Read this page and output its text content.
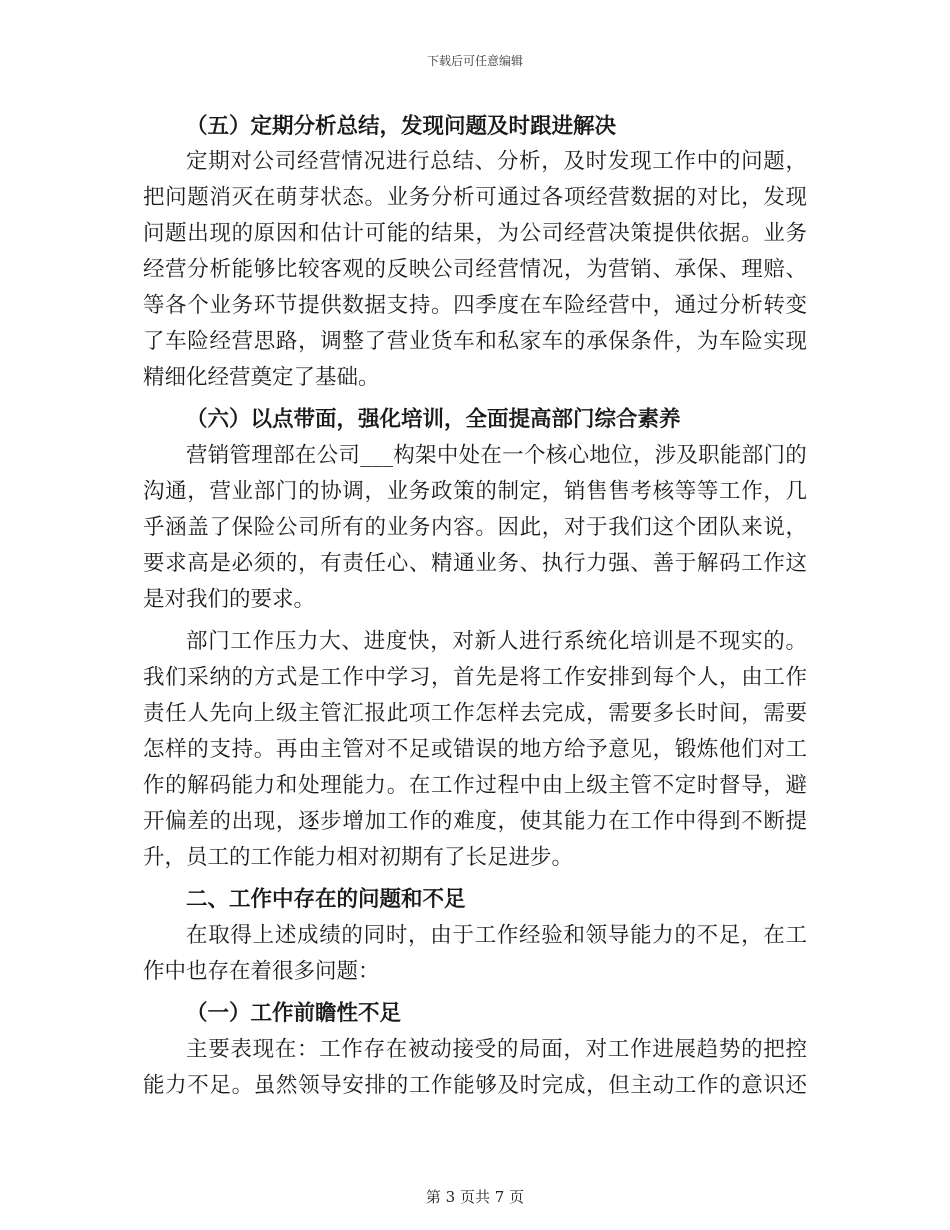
下载后可任意编辑
（五）定期分析总结，发现问题及时跟进解决
定期对公司经营情况进行总结、分析，及时发现工作中的问题，
把问题消灭在萌芽状态。业务分析可通过各项经营数据的对比，发现
问题出现的原因和估计可能的结果，为公司经营决策提供依据。业务
经营分析能够比较客观的反映公司经营情况，为营销、承保、理赔、
等各个业务环节提供数据支持。四季度在车险经营中，通过分析转变
了车险经营思路，调整了营业货车和私家车的承保条件，为车险实现
精细化经营奠定了基础。
（六）以点带面，强化培训，全面提高部门综合素养
营销管理部在公司___构架中处在一个核心地位，涉及职能部门的
沟通，营业部门的协调，业务政策的制定，销售售考核等等工作，几
乎涵盖了保险公司所有的业务内容。因此，对于我们这个团队来说，
要求高是必须的，有责任心、精通业务、执行力强、善于解码工作这
是对我们的要求。
部门工作压力大、进度快，对新人进行系统化培训是不现实的。
我们采纳的方式是工作中学习，首先是将工作安排到每个人，由工作
责任人先向上级主管汇报此项工作怎样去完成，需要多长时间，需要
怎样的支持。再由主管对不足或错误的地方给予意见，锻炼他们对工
作的解码能力和处理能力。在工作过程中由上级主管不定时督导，避
开偏差的出现，逐步增加工作的难度，使其能力在工作中得到不断提
升，员工的工作能力相对初期有了长足进步。
二、工作中存在的问题和不足
在取得上述成绩的同时，由于工作经验和领导能力的不足，在工
作中也存在着很多问题：
（一）工作前瞻性不足
主要表现在：工作存在被动接受的局面，对工作进展趋势的把控
能力不足。虽然领导安排的工作能够及时完成，但主动工作的意识还
第 3 页共 7 页
